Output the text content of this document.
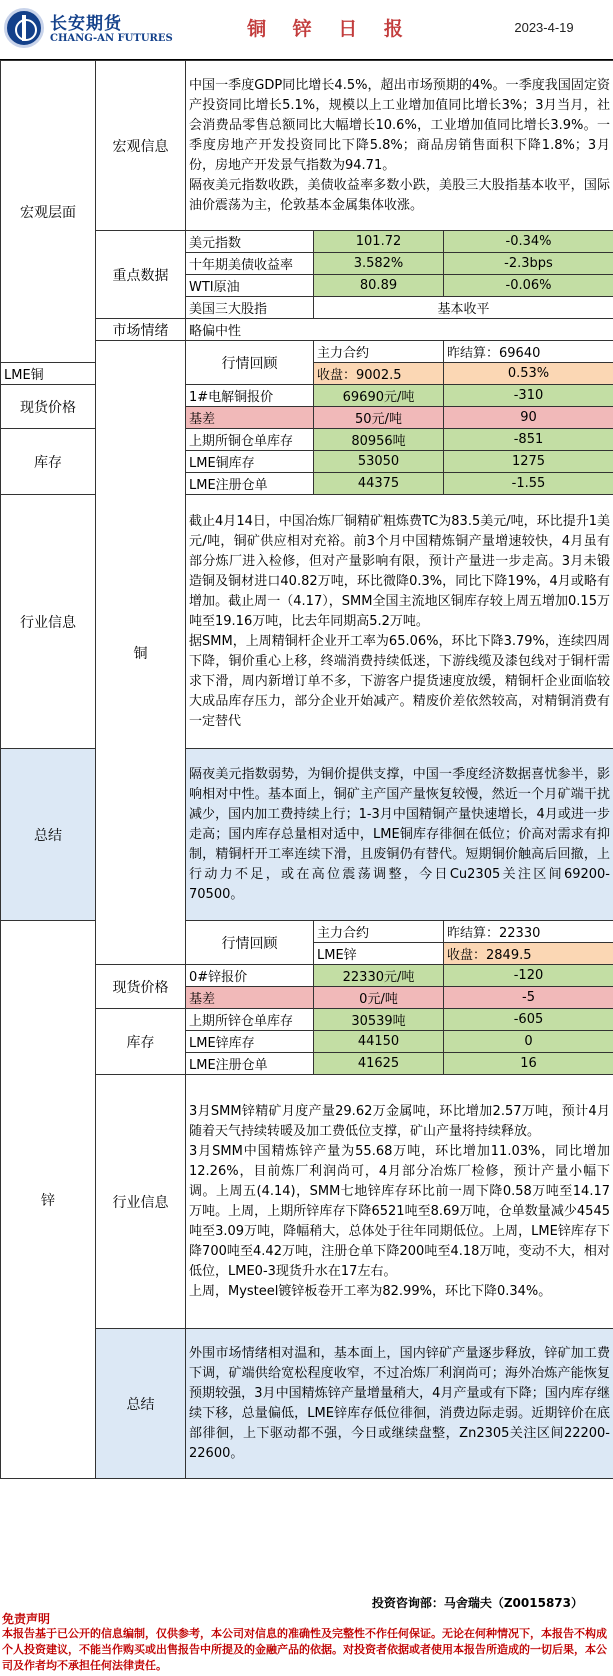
长安期货
CHANG-AN FUTURES	铜 锌 日 报	2023-4-19
宏观层面	宏观信息	中国一季度GDP同比增长4.5%，超出市场预期的4%。一季度我国固定资产投资同比增长5.1%，规模以上工业增加值同比增长3%；3月当月，社会消费品零售总额同比大幅增长10.6%，工业增加值同比增长3.9%。一季度房地产开发投资同比下降5.8%；商品房销售面积下降1.8%；3月份，房地产开发景气指数为94.71。
隔夜美元指数收跌，美债收益率多数小跌，美股三大股指基本收平，国际油价震荡为主，伦敦基本金属集体收涨。			

	重点数据	美元指数	101.72	-0.34%	
		十年期美债收益率	3.582%	-2.3bps	
		WTI原油	80.89	-0.06%	
		美国三大股指	基本收平		
	市场情绪	略偏中性			
	铜	行情回顾	主力合约	昨结算：69640	
LME铜			收盘：9002.5	0.53%	
现货价格		1#电解铜报价	69690元/吨	-310	
		基差	50元/吨	90	
库存		上期所铜仓单库存	80956吨	-851	
		LME铜库存	53050	1275	
		LME注册仓单	44375	-1.55	
行业信息		截止4月14日，中国冶炼厂铜精矿粗炼费TC为83.5美元/吨，环比提升1美元/吨，铜矿供应相对充裕。前3个月中国精炼铜产量增速较快，4月虽有部分炼厂进入检修，但对产量影响有限，预计产量进一步走高。3月未锻造铜及铜材进口40.82万吨，环比微降0.3%，同比下降19%，4月或略有增加。截止周一（4.17），SMM全国主流地区铜库存较上周五增加0.15万吨至19.16万吨，比去年同期高5.2万吨。
据SMM，上周精铜杆企业开工率为65.06%，环比下降3.79%，连续四周下降，铜价重心上移，终端消费持续低迷，下游线缆及漆包线对于铜杆需求下滑，周内新增订单不多，下游客户提货速度放缓，精铜杆企业面临较大成品库存压力，部分企业开始减产。精废价差依然较高，对精铜消费有一定替代			

总结		隔夜美元指数弱势，为铜价提供支撑，中国一季度经济数据喜忧参半，影响相对中性。基本面上，铜矿主产国产量恢复较慢，然近一个月矿端干扰减少，国内加工费持续上行；1-3月中国精铜产量快速增长，4月或进一步走高；国内库存总量相对适中，LME铜库存徘徊在低位；价高对需求有抑制，精铜杆开工率连续下滑，且废铜仍有替代。短期铜价触高后回撤，上行动力不足，或在高位震荡调整，今日Cu2305关注区间69200-70500。			
锌		行情回顾	主力合约	昨结算：22330	
			LME锌	收盘：2849.5	
	现货价格	0#锌报价	22330元/吨	-120	
		基差	0元/吨	-5	
	库存	上期所锌仓单库存	30539吨	-605	
		LME锌库存	44150	0	
		LME注册仓单	41625	16	
	行业信息	3月SMM锌精矿月度产量29.62万金属吨，环比增加2.57万吨，预计4月随着天气持续转暖及加工费低位支撑，矿山产量将持续释放。
3月SMM中国精炼锌产量为55.68万吨，环比增加11.03%，同比增加12.26%，目前炼厂利润尚可，4月部分冶炼厂检修，预计产量小幅下调。上周五(4.14)，SMM七地锌库存环比前一周下降0.58万吨至14.17万吨。上周，上期所锌库存下降6521吨至8.69万吨，仓单数量减少4545吨至3.09万吨，降幅稍大，总体处于往年同期低位。上周，LME锌库存下降700吨至4.42万吨，注册仓单下降200吨至4.18万吨，变动不大，相对低位，LME0-3现货升水在17左右。
上周，Mysteel镀锌板卷开工率为82.99%，环比下降0.34%。			

	总结	外围市场情绪相对温和，基本面上，国内锌矿产量逐步释放，锌矿加工费下调，矿端供给宽松程度收窄，不过冶炼厂利润尚可；海外冶炼产能恢复预期较强，3月中国精炼锌产量增量稍大，4月产量或有下降；国内库存继续下移，总量偏低，LME锌库存低位徘徊，消费边际走弱。近期锌价在底部徘徊，上下驱动都不强，今日或继续盘整，Zn2305关注区间22200-22600。			
投资咨询部：马舍瑞夫（Z0015873）
免责声明
本报告基于已公开的信息编制，仅供参考，本公司对信息的准确性及完整性不作任何保证。无论在何种情况下，本报告不构成个人投资建议，不能当作购买或出售报告中所提及的金融产品的依据。对投资者依据或者使用本报告所造成的一切后果，本公司及作者均不承担任何法律责任。
